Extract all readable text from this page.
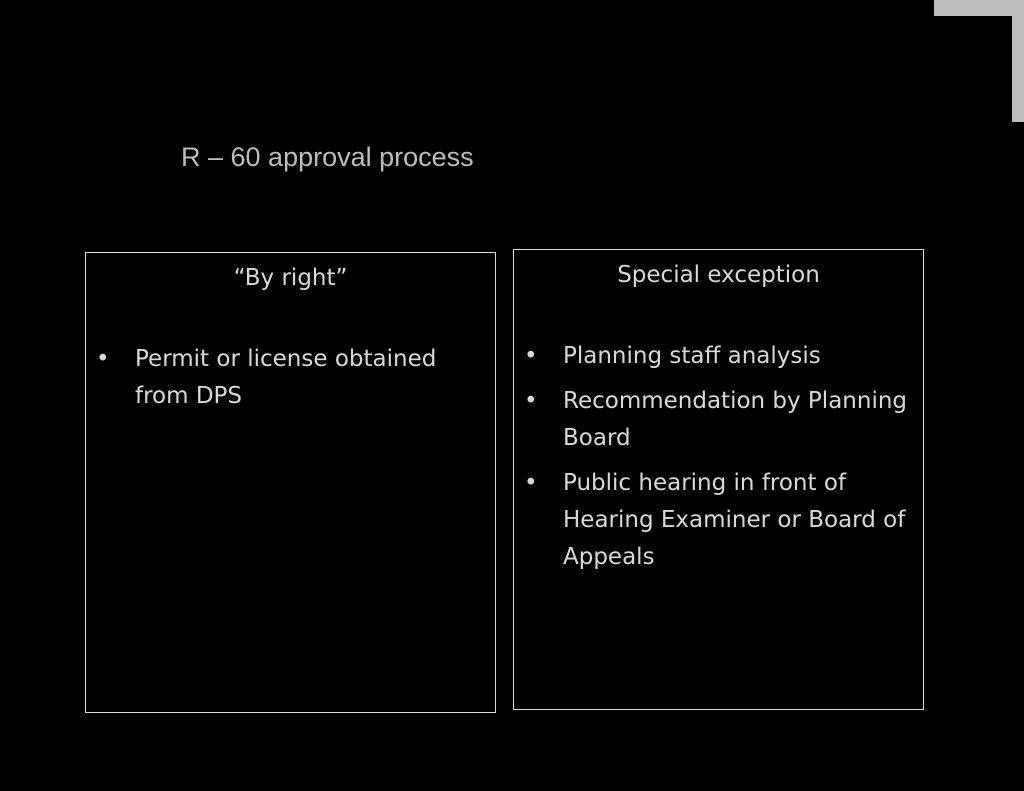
R – 60 approval process
“By right”
• Permit or license obtained from DPS
Special exception
• Planning staff analysis
• Recommendation by Planning Board
• Public hearing in front of Hearing Examiner or Board of Appeals
